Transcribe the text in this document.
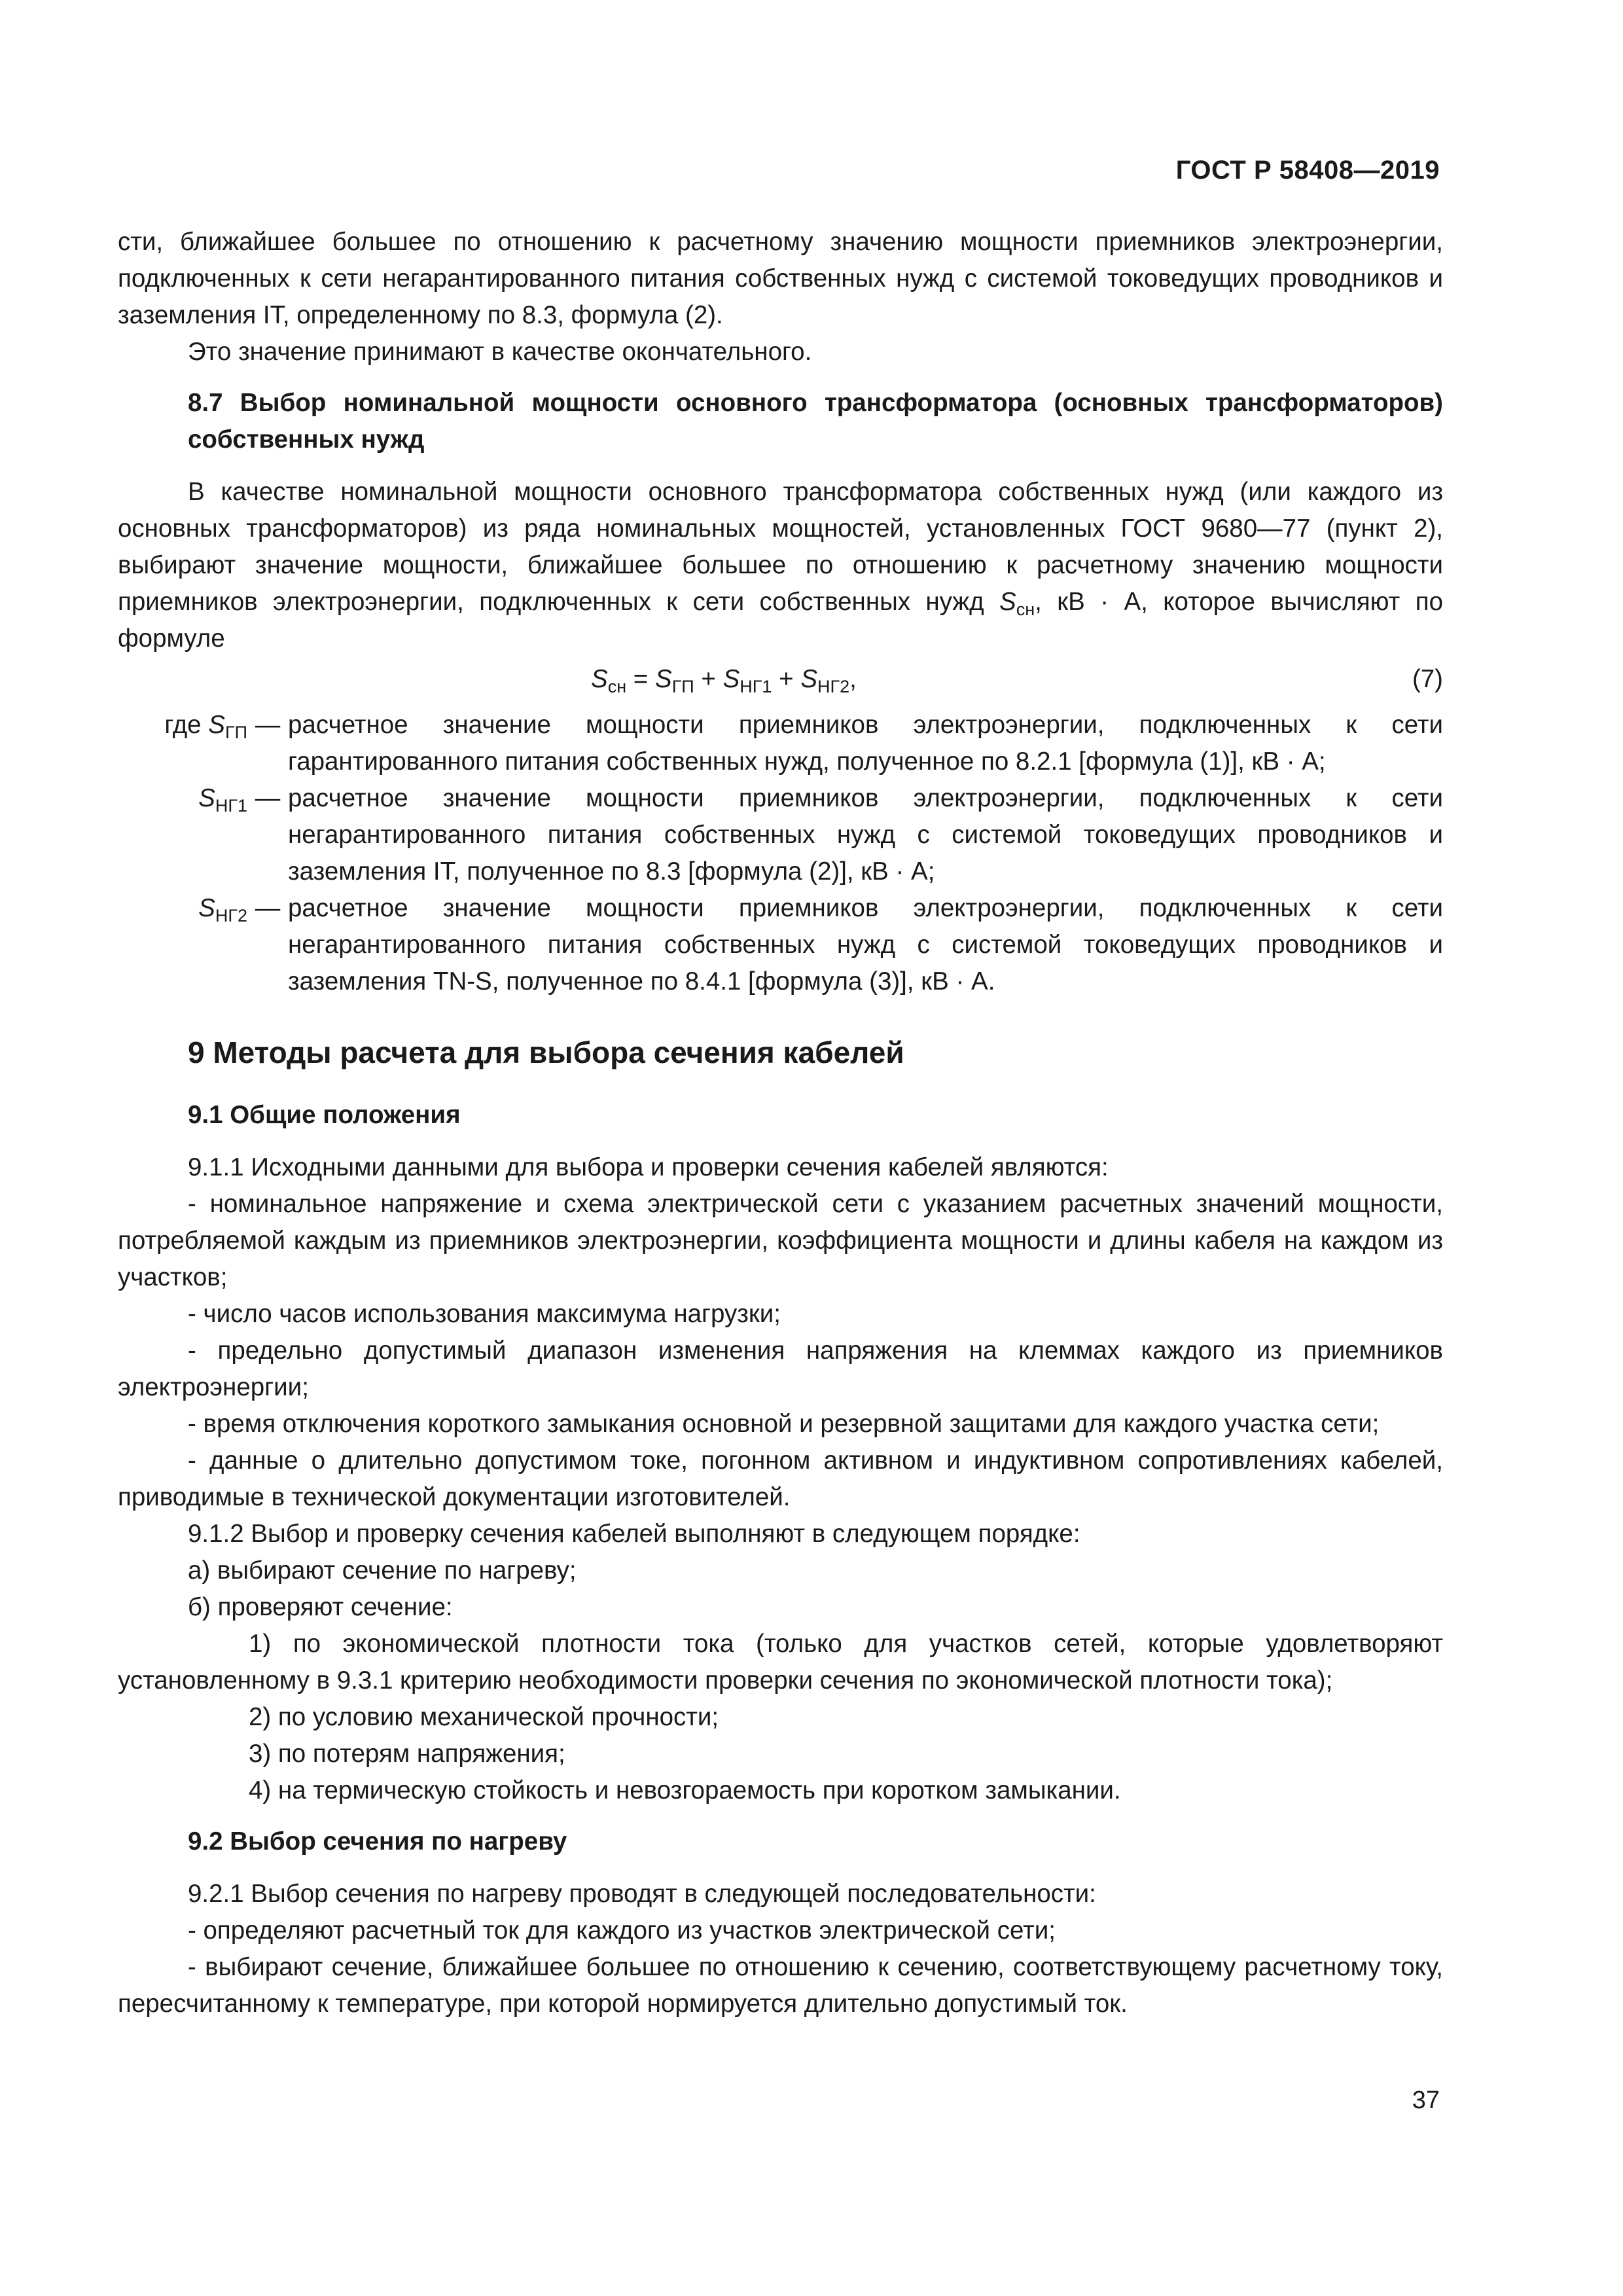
ГОСТ Р 58408—2019

сти, ближайшее большее по отношению к расчетному значению мощности приемников электроэнергии, подключенных к сети негарантированного питания собственных нужд с системой токоведущих проводников и заземления IT, определенному по 8.3, формула (2).

Это значение принимают в качестве окончательного.

8.7 Выбор номинальной мощности основного трансформатора (основных трансформаторов) собственных нужд

В качестве номинальной мощности основного трансформатора собственных нужд (или каждого из основных трансформаторов) из ряда номинальных мощностей, установленных ГОСТ 9680—77 (пункт 2), выбирают значение мощности, ближайшее большее по отношению к расчетному значению мощности приемников электроэнергии, подключенных к сети собственных нужд $S_{сн}$, кВ · А, которое вычисляют по формуле

$S_{сн} = S_{ГП} + S_{НГ1} + S_{НГ2}$,	(7)
где $S_{ГП}$ — расчетное значение мощности приемников электроэнергии, подключенных к сети гарантированного питания собственных нужд, полученное по 8.2.1 [формула (1)], кВ · А;
$S_{НГ1}$ — расчетное значение мощности приемников электроэнергии, подключенных к сети негарантированного питания собственных нужд с системой токоведущих проводников и заземления IT, полученное по 8.3 [формула (2)], кВ · А;
$S_{НГ2}$ — расчетное значение мощности приемников электроэнергии, подключенных к сети негарантированного питания собственных нужд с системой токоведущих проводников и заземления TN-S, полученное по 8.4.1 [формула (3)], кВ · А.

9 Методы расчета для выбора сечения кабелей

9.1 Общие положения

9.1.1 Исходными данными для выбора и проверки сечения кабелей являются:

- номинальное напряжение и схема электрической сети с указанием расчетных значений мощности, потребляемой каждым из приемников электроэнергии, коэффициента мощности и длины кабеля на каждом из участков;

- число часов использования максимума нагрузки;

- предельно допустимый диапазон изменения напряжения на клеммах каждого из приемников электроэнергии;

- время отключения короткого замыкания основной и резервной защитами для каждого участка сети;

- данные о длительно допустимом токе, погонном активном и индуктивном сопротивлениях кабелей, приводимые в технической документации изготовителей.

9.1.2 Выбор и проверку сечения кабелей выполняют в следующем порядке:

а) выбирают сечение по нагреву;

б) проверяют сечение:

1) по экономической плотности тока (только для участков сетей, которые удовлетворяют установленному в 9.3.1 критерию необходимости проверки сечения по экономической плотности тока);

2) по условию механической прочности;

3) по потерям напряжения;

4) на термическую стойкость и невозгораемость при коротком замыкании.

9.2 Выбор сечения по нагреву

9.2.1 Выбор сечения по нагреву проводят в следующей последовательности:

- определяют расчетный ток для каждого из участков электрической сети;

- выбирают сечение, ближайшее большее по отношению к сечению, соответствующему расчетному току, пересчитанному к температуре, при которой нормируется длительно допустимый ток.

37
